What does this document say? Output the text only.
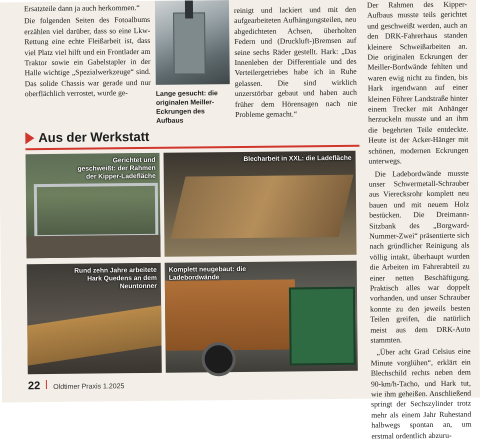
Ersatzteile dann ja auch herkommen.“

Die folgenden Seiten des Fotoalbums erzählen viel darüber, dass so eine Lkw-Rettung eine echte Fleißarbeit ist, dass viel Platz viel hilft und ein Frontlader am Traktor sowie ein Gabelstapler in der Halle wichtige „Spezialwerkzeuge“ sind. Das solide Chassis war gerade und nur oberflächlich verrostet, wurde ge-	Lange gesucht: die originalen Meiller-Eckrungen des Aufbaus

reinigt und lackiert und mit den aufgearbeiteten Aufhängungsteilen, neu abgedichteten Achsen, überholten Federn und (Druckluft-)Bremsen auf seine sechs Räder gestellt. Hark: „Das Innenleben der Differentiale und des Verteilergetriebes habe ich in Ruhe gelassen. Die sind wirklich unzerstörbar gebaut und haben auch früher dem Hörensagen nach nie Probleme gemacht.“

Der Rahmen des Kipper-Aufbaus musste teils gerichtet und geschweißt werden, auch an den DRK-Fahrerhaus standen kleinere Schweißarbeiten an. Die originalen Eckrungen der Meiller-Bordwände fehlten und waren ewig nicht zu finden, bis Hark irgendwann auf einer kleinen Föhrer Landstraße hinter einem Trecker mit Anhänger herzuckeln musste und an ihm die begehrten Teile entdeckte. Heute ist der Acker-Hänger mit schönen, modernen Eckrungen unterwegs.

Die Ladebordwände musste unser Schwermetall-Schrauber aus Vierecksrohr komplett neu bauen und mit neuem Holz bestücken. Die Dreimann-Sitzbank des „Borgward-Nummer-Zwei“ präsentierte sich nach gründlicher Reinigung als völlig intakt, überhaupt wurden die Arbeiten im Fahrerabteil zu einer netten Beschäftigung. Praktisch alles war doppelt vorhanden, und unser Schrauber konnte zu den jeweils besten Teilen greifen, die natürlich meist aus dem DRK-Auto stammten.

„Über acht Grad Celsius eine Minute vorglühen“, erklärt ein Blechschild rechts neben dem 90-km/h-Tacho, und Hark tut, wie ihm geheißen. Anschließend springt der Sechszylinder trotz mehr als einem Jahr Ruhestand halbwegs spontan an, um erstmal ordentlich abzuru-

Aus der Werkstatt
Gerichtet und geschweißt: der Rahmen der Kipper-Ladefläche
Blecharbeit in XXL: die Ladefläche
Rund zehn Jahre arbeitete Hark Quedens an dem Neuntonner
Komplett neugebaut: die Ladebordwände
22 Oldtimer Praxis 1.2025
